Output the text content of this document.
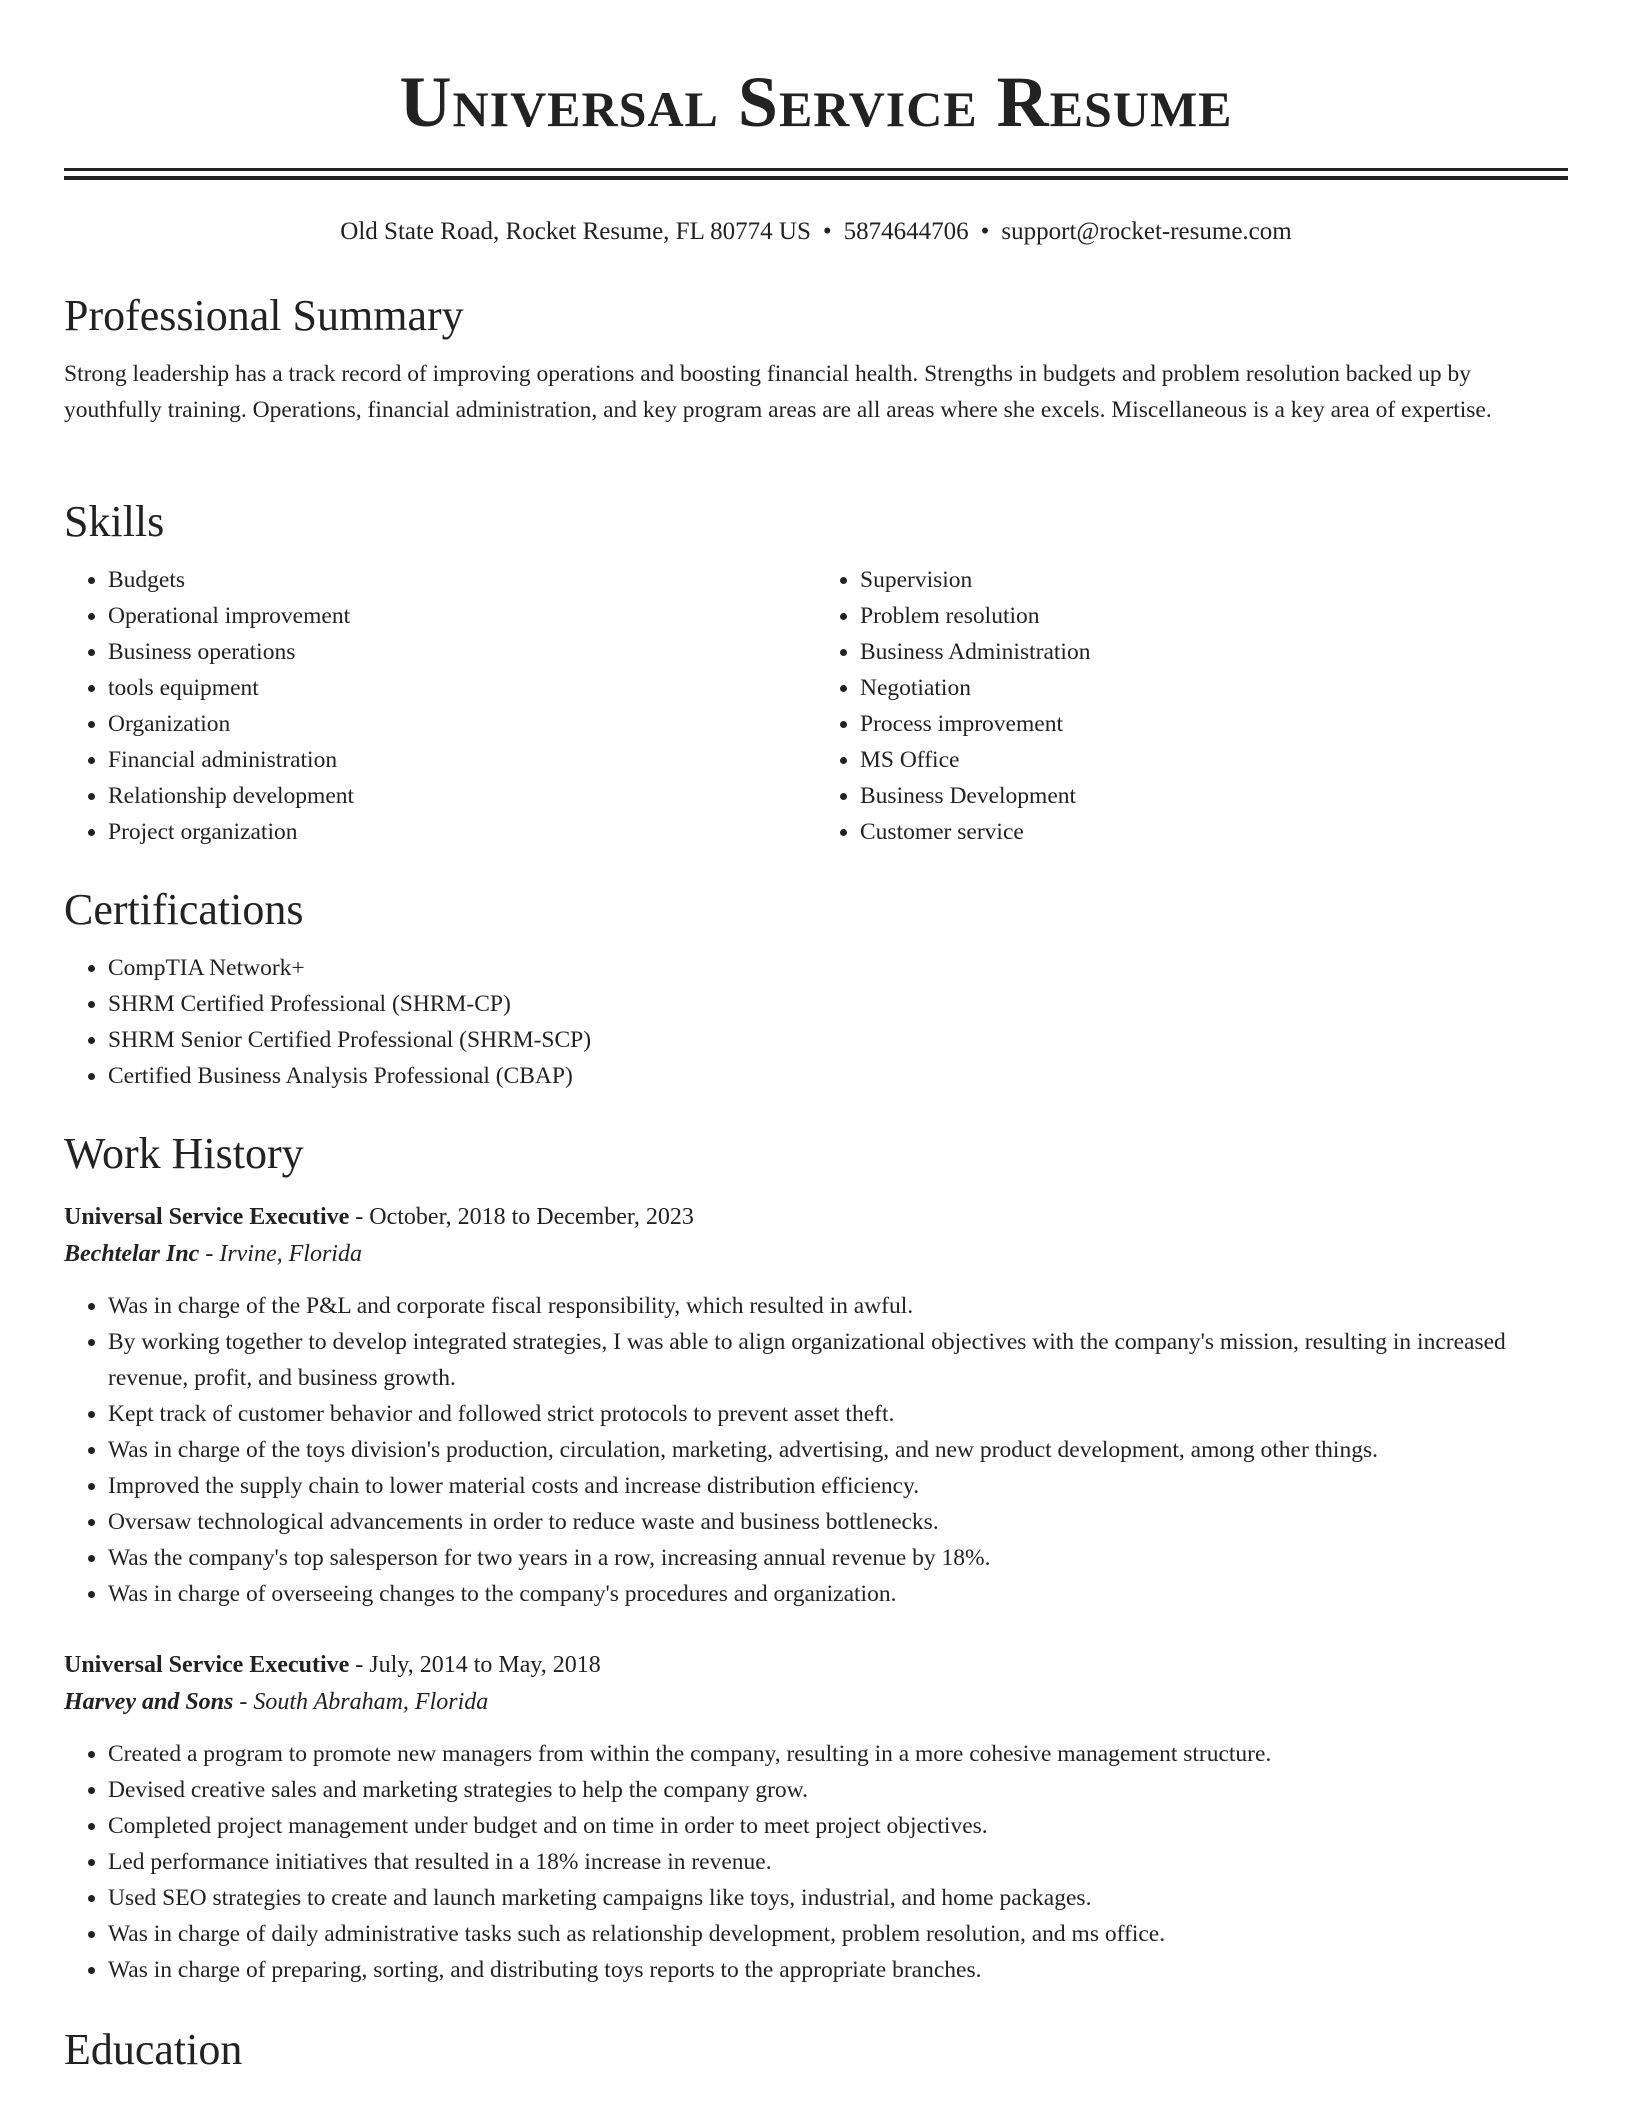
Universal Service Resume
Old State Road, Rocket Resume, FL 80774 US • 5874644706 • support@rocket-resume.com
Professional Summary

Strong leadership has a track record of improving operations and boosting financial health. Strengths in budgets and problem resolution backed up by youthfully training. Operations, financial administration, and key program areas are all areas where she excels. Miscellaneous is a key area of expertise.

Skills
• Budgets
• Operational improvement
• Business operations
• tools equipment
• Organization
• Financial administration
• Relationship development
• Project organization
• Supervision
• Problem resolution
• Business Administration
• Negotiation
• Process improvement
• MS Office
• Business Development
• Customer service
Certifications
• CompTIA Network+
• SHRM Certified Professional (SHRM-CP)
• SHRM Senior Certified Professional (SHRM-SCP)
• Certified Business Analysis Professional (CBAP)
Work History
Universal Service Executive - October, 2018 to December, 2023
Bechtelar Inc - Irvine, Florida
• Was in charge of the P&L and corporate fiscal responsibility, which resulted in awful.
• By working together to develop integrated strategies, I was able to align organizational objectives with the company's mission, resulting in increased revenue, profit, and business growth.
• Kept track of customer behavior and followed strict protocols to prevent asset theft.
• Was in charge of the toys division's production, circulation, marketing, advertising, and new product development, among other things.
• Improved the supply chain to lower material costs and increase distribution efficiency.
• Oversaw technological advancements in order to reduce waste and business bottlenecks.
• Was the company's top salesperson for two years in a row, increasing annual revenue by 18%.
• Was in charge of overseeing changes to the company's procedures and organization.
Universal Service Executive - July, 2014 to May, 2018
Harvey and Sons - South Abraham, Florida
• Created a program to promote new managers from within the company, resulting in a more cohesive management structure.
• Devised creative sales and marketing strategies to help the company grow.
• Completed project management under budget and on time in order to meet project objectives.
• Led performance initiatives that resulted in a 18% increase in revenue.
• Used SEO strategies to create and launch marketing campaigns like toys, industrial, and home packages.
• Was in charge of daily administrative tasks such as relationship development, problem resolution, and ms office.
• Was in charge of preparing, sorting, and distributing toys reports to the appropriate branches.
Education
